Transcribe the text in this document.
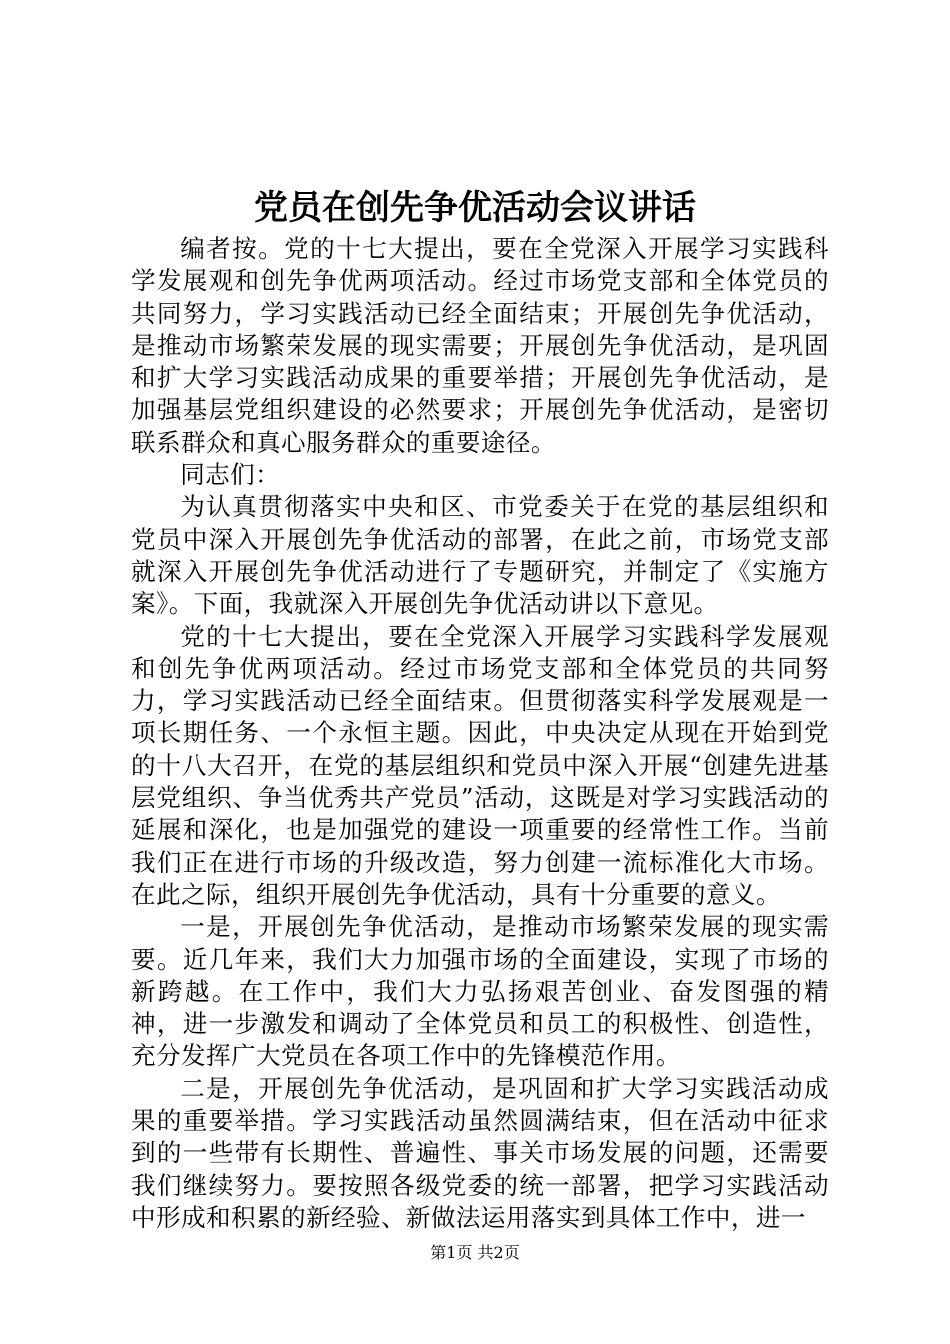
党员在创先争优活动会议讲话

编者按。党的十七大提出，要在全党深入开展学习实践科学发展观和创先争优两项活动。经过市场党支部和全体党员的共同努力，学习实践活动已经全面结束；开展创先争优活动，是推动市场繁荣发展的现实需要；开展创先争优活动，是巩固和扩大学习实践活动成果的重要举措；开展创先争优活动，是加强基层党组织建设的必然要求；开展创先争优活动，是密切联系群众和真心服务群众的重要途径。

同志们：

为认真贯彻落实中央和区、市党委关于在党的基层组织和党员中深入开展创先争优活动的部署，在此之前，市场党支部就深入开展创先争优活动进行了专题研究，并制定了《实施方案》。下面，我就深入开展创先争优活动讲以下意见。

党的十七大提出，要在全党深入开展学习实践科学发展观和创先争优两项活动。经过市场党支部和全体党员的共同努力，学习实践活动已经全面结束。但贯彻落实科学发展观是一项长期任务、一个永恒主题。因此，中央决定从现在开始到党的十八大召开，在党的基层组织和党员中深入开展“创建先进基层党组织、争当优秀共产党员”活动，这既是对学习实践活动的延展和深化，也是加强党的建设一项重要的经常性工作。当前我们正在进行市场的升级改造，努力创建一流标准化大市场。在此之际，组织开展创先争优活动，具有十分重要的意义。

一是，开展创先争优活动，是推动市场繁荣发展的现实需要。近几年来，我们大力加强市场的全面建设，实现了市场的新跨越。在工作中，我们大力弘扬艰苦创业、奋发图强的精神，进一步激发和调动了全体党员和员工的积极性、创造性，充分发挥广大党员在各项工作中的先锋模范作用。

二是，开展创先争优活动，是巩固和扩大学习实践活动成果的重要举措。学习实践活动虽然圆满结束，但在活动中征求到的一些带有长期性、普遍性、事关市场发展的问题，还需要我们继续努力。要按照各级党委的统一部署，把学习实践活动中形成和积累的新经验、新做法运用落实到具体工作中，进一

第1页 共2页
